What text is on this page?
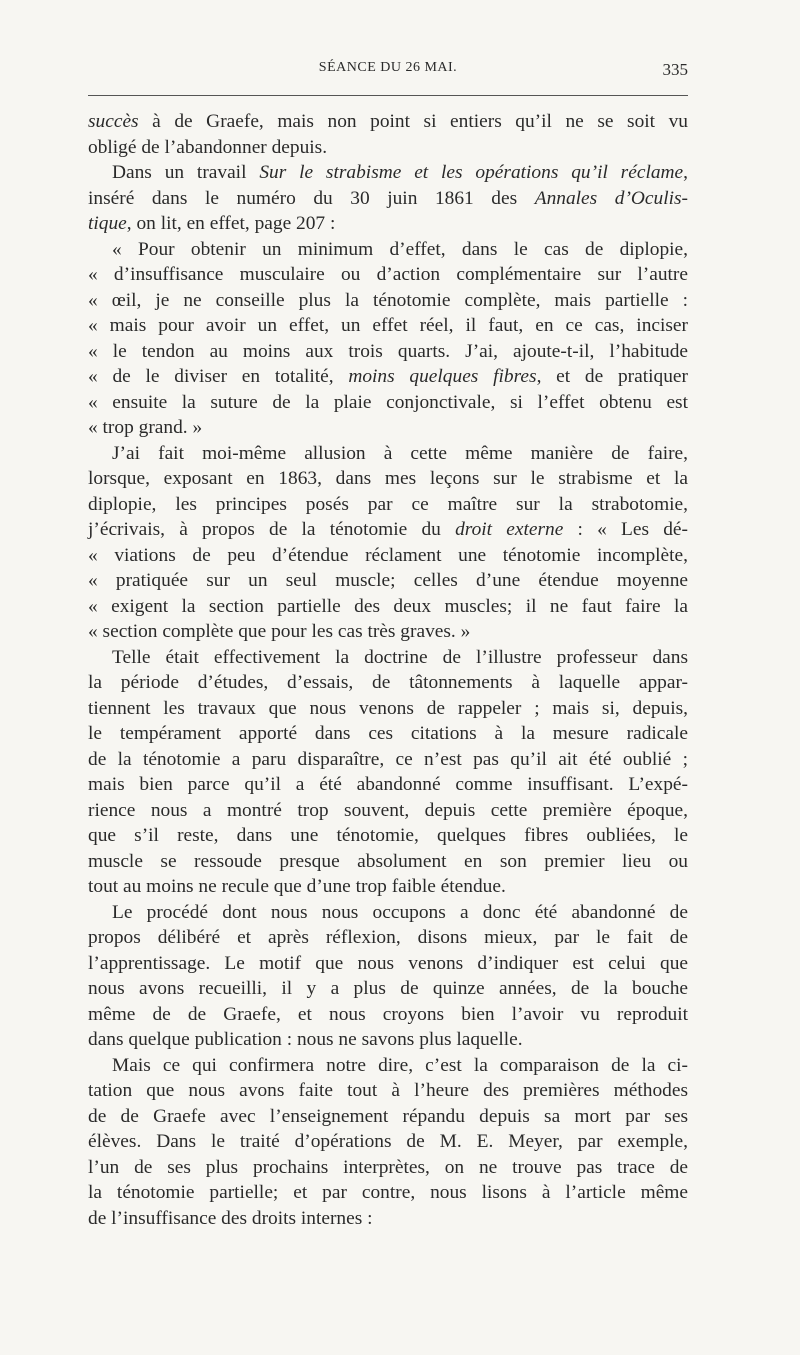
SÉANCE DU 26 MAI.	335
succès à de Graefe, mais non point si entiers qu’il ne se soit vu
obligé de l’abandonner depuis.
Dans un travail Sur le strabisme et les opérations qu’il réclame,
inséré dans le numéro du 30 juin 1861 des Annales d’Oculis-
tique, on lit, en effet, page 207 :
« Pour obtenir un minimum d’effet, dans le cas de diplopie,
« d’insuffisance musculaire ou d’action complémentaire sur l’autre
« œil, je ne conseille plus la ténotomie complète, mais partielle :
« mais pour avoir un effet, un effet réel, il faut, en ce cas, inciser
« le tendon au moins aux trois quarts. J’ai, ajoute-t-il, l’habitude
« de le diviser en totalité, moins quelques fibres, et de pratiquer
« ensuite la suture de la plaie conjonctivale, si l’effet obtenu est
« trop grand. »
J’ai fait moi-même allusion à cette même manière de faire,
lorsque, exposant en 1863, dans mes leçons sur le strabisme et la
diplopie, les principes posés par ce maître sur la strabotomie,
j’écrivais, à propos de la ténotomie du droit externe : « Les dé-
« viations de peu d’étendue réclament une ténotomie incomplète,
« pratiquée sur un seul muscle; celles d’une étendue moyenne
« exigent la section partielle des deux muscles; il ne faut faire la
« section complète que pour les cas très graves. »
Telle était effectivement la doctrine de l’illustre professeur dans
la période d’études, d’essais, de tâtonnements à laquelle appar-
tiennent les travaux que nous venons de rappeler ; mais si, depuis,
le tempérament apporté dans ces citations à la mesure radicale
de la ténotomie a paru disparaître, ce n’est pas qu’il ait été oublié ;
mais bien parce qu’il a été abandonné comme insuffisant. L’expé-
rience nous a montré trop souvent, depuis cette première époque,
que s’il reste, dans une ténotomie, quelques fibres oubliées, le
muscle se ressoude presque absolument en son premier lieu ou
tout au moins ne recule que d’une trop faible étendue.
Le procédé dont nous nous occupons a donc été abandonné de
propos délibéré et après réflexion, disons mieux, par le fait de
l’apprentissage. Le motif que nous venons d’indiquer est celui que
nous avons recueilli, il y a plus de quinze années, de la bouche
même de de Graefe, et nous croyons bien l’avoir vu reproduit
dans quelque publication : nous ne savons plus laquelle.
Mais ce qui confirmera notre dire, c’est la comparaison de la ci-
tation que nous avons faite tout à l’heure des premières méthodes
de de Graefe avec l’enseignement répandu depuis sa mort par ses
élèves. Dans le traité d’opérations de M. E. Meyer, par exemple,
l’un de ses plus prochains interprètes, on ne trouve pas trace de
la ténotomie partielle; et par contre, nous lisons à l’article même
de l’insuffisance des droits internes :
